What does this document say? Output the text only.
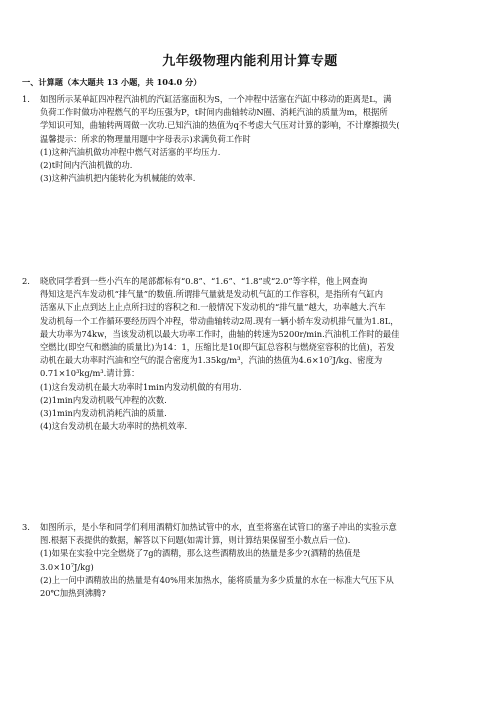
九年级物理内能利用计算专题
一、计算题（本大题共 13 小题，共 104.0 分）
1.	如图所示某单缸四冲程汽油机的汽缸活塞面积为S，一个冲程中活塞在汽缸中移动的距离是L，满
负荷工作时做功冲程燃气的平均压强为P，t时间内曲轴转动N圈、消耗汽油的质量为m，根据所
学知识可知，曲轴转两周做一次功.已知汽油的热值为q不考虑大气压对计算的影响，不计摩擦损失(
温馨提示：所求的物理量用题中字母表示)求满负荷工作时
(1)这种汽油机做功冲程中燃气对活塞的平均压力.
(2)t时间内汽油机做的功.
(3)这种汽油机把内能转化为机械能的效率.
2.	晓欣同学看到一些小汽车的尾部都标有“0.8”、“1.6”、“1.8”或“2.0”等字样，他上网查询
得知这是汽车发动机“排气量”的数值.所谓排气量就是发动机气缸的工作容积，是指所有气缸内
活塞从下止点到达上止点所扫过的容积之和.一般情况下发动机的“排气量”越大，功率越大.汽车
发动机每一个工作循环要经历四个冲程，带动曲轴转动2周.现有一辆小轿车发动机排气量为1.8L，
最大功率为74kw，当该发动机以最大功率工作时，曲轴的转速为5200r/min.汽油机工作时的最佳
空燃比(即空气和燃油的质量比)为14：1，压缩比是10(即气缸总容积与燃烧室容积的比值)，若发
动机在最大功率时汽油和空气的混合密度为1.35kg/m³，汽油的热值为4.6×10⁷J/kg、密度为
0.71×10³kg/m³.请计算：
(1)这台发动机在最大功率时1min内发动机做的有用功.
(2)1min内发动机吸气冲程的次数.
(3)1min内发动机消耗汽油的质量.
(4)这台发动机在最大功率时的热机效率.
3.	如图所示，是小华和同学们利用酒精灯加热试管中的水，直至将塞在试管口的塞子冲出的实验示意
图.根据下表提供的数据，解答以下问题(如需计算，则计算结果保留至小数点后一位).
(1)如果在实验中完全燃烧了7g的酒精，那么这些酒精放出的热量是多少?(酒精的热值是
3.0×10⁷J/kg)
(2)上一问中酒精放出的热量是有40%用来加热水，能将质量为多少质量的水在一标准大气压下从
20℃加热到沸腾?
